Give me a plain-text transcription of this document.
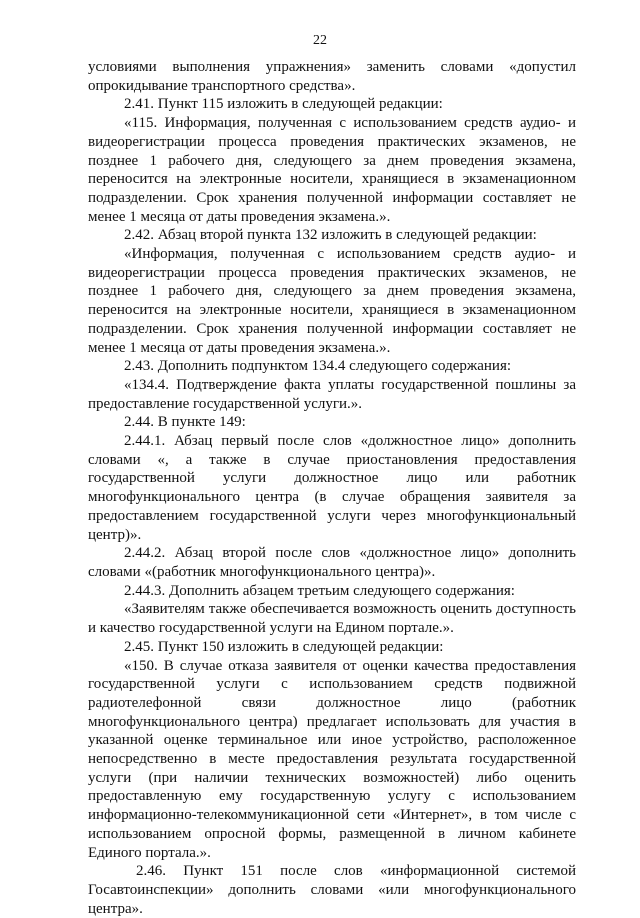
22

условиями выполнения упражнения» заменить словами «допустил опрокидывание транспортного средства».

2.41. Пункт 115 изложить в следующей редакции:

«115. Информация, полученная с использованием средств аудио- и видеорегистрации процесса проведения практических экзаменов, не позднее 1 рабочего дня, следующего за днем проведения экзамена, переносится на электронные носители, хранящиеся в экзаменационном подразделении. Срок хранения полученной информации составляет не менее 1 месяца от даты проведения экзамена.».

2.42. Абзац второй пункта 132 изложить в следующей редакции:

«Информация, полученная с использованием средств аудио- и видеорегистрации процесса проведения практических экзаменов, не позднее 1 рабочего дня, следующего за днем проведения экзамена, переносится на электронные носители, хранящиеся в экзаменационном подразделении. Срок хранения полученной информации составляет не менее 1 месяца от даты проведения экзамена.».

2.43. Дополнить подпунктом 134.4 следующего содержания:

«134.4. Подтверждение факта уплаты государственной пошлины за предоставление государственной услуги.».

2.44. В пункте 149:

2.44.1. Абзац первый после слов «должностное лицо» дополнить словами «, а также в случае приостановления предоставления государственной услуги должностное лицо или работник многофункционального центра (в случае обращения заявителя за предоставлением государственной услуги через многофункциональный центр)».

2.44.2. Абзац второй после слов «должностное лицо» дополнить словами «(работник многофункционального центра)».

2.44.3. Дополнить абзацем третьим следующего содержания:

«Заявителям также обеспечивается возможность оценить доступность и качество государственной услуги на Едином портале.».

2.45. Пункт 150 изложить в следующей редакции:

«150. В случае отказа заявителя от оценки качества предоставления государственной услуги с использованием средств подвижной радиотелефонной связи должностное лицо (работник многофункционального центра) предлагает использовать для участия в указанной оценке терминальное или иное устройство, расположенное непосредственно в месте предоставления результата государственной услуги (при наличии технических возможностей) либо оценить предоставленную ему государственную услугу с использованием информационно-телекоммуникационной сети «Интернет», в том числе с использованием опросной формы, размещенной в личном кабинете Единого портала.».

2.46. Пункт 151 после слов «информационной системой Госавтоинспекции» дополнить словами «или многофункционального центра».
